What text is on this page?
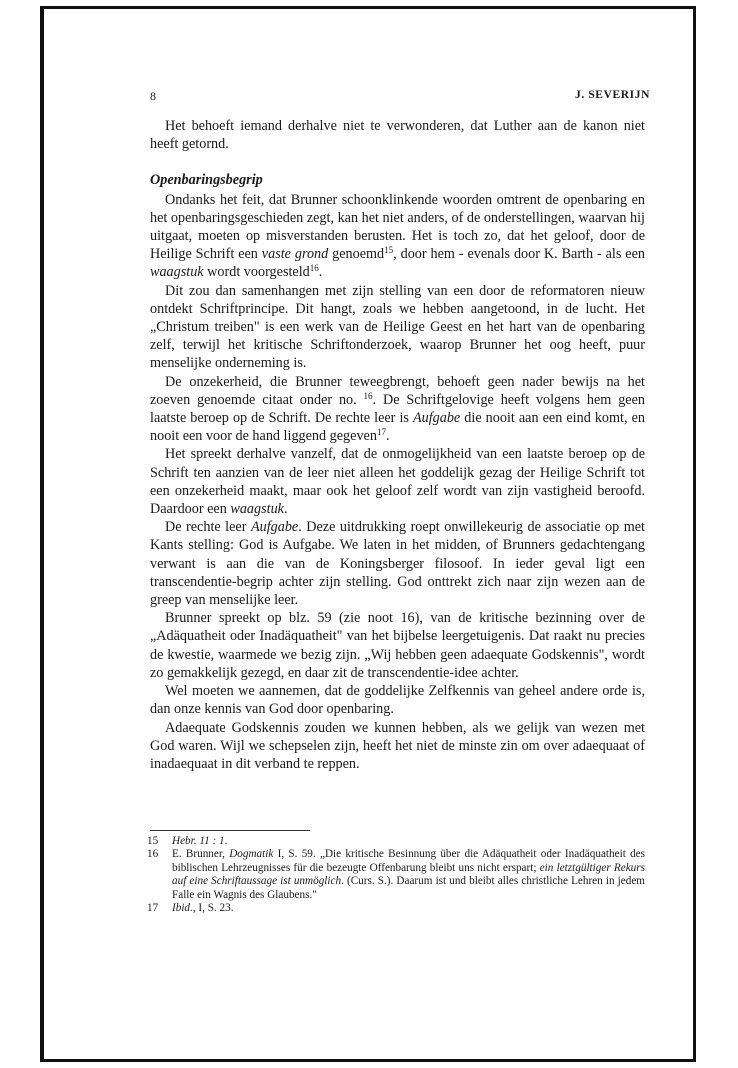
8	J. SEVERIJN

Het behoeft iemand derhalve niet te verwonderen, dat Luther aan de kanon niet heeft getornd.

Openbaringsbegrip

Ondanks het feit, dat Brunner schoonklinkende woorden omtrent de openbaring en het openbaringsgeschieden zegt, kan het niet anders, of de onderstellingen, waarvan hij uitgaat, moeten op misverstanden berusten. Het is toch zo, dat het geloof, door de Heilige Schrift een vaste grond genoemd$^{15}$, door hem - evenals door K. Barth - als een waagstuk wordt voorgesteld$^{16}$.

Dit zou dan samenhangen met zijn stelling van een door de reformatoren nieuw ontdekt Schriftprincipe. Dit hangt, zoals we hebben aangetoond, in de lucht. Het „Christum treiben" is een werk van de Heilige Geest en het hart van de openbaring zelf, terwijl het kritische Schriftonderzoek, waarop Brunner het oog heeft, puur menselijke onderneming is.

De onzekerheid, die Brunner teweegbrengt, behoeft geen nader bewijs na het zoeven genoemde citaat onder no. $^{16}$. De Schriftgelovige heeft volgens hem geen laatste beroep op de Schrift. De rechte leer is Aufgabe die nooit aan een eind komt, en nooit een voor de hand liggend gegeven$^{17}$.

Het spreekt derhalve vanzelf, dat de onmogelijkheid van een laatste beroep op de Schrift ten aanzien van de leer niet alleen het goddelijk gezag der Heilige Schrift tot een onzekerheid maakt, maar ook het geloof zelf wordt van zijn vastigheid beroofd. Daardoor een waagstuk.

De rechte leer Aufgabe. Deze uitdrukking roept onwillekeurig de associatie op met Kants stelling: God is Aufgabe. We laten in het midden, of Brunners gedachtengang verwant is aan die van de Koningsberger filosoof. In ieder geval ligt een transcendentie-begrip achter zijn stelling. God onttrekt zich naar zijn wezen aan de greep van menselijke leer.

Brunner spreekt op blz. 59 (zie noot 16), van de kritische bezinning over de „Adäquatheit oder Inadäquatheit" van het bijbelse leergetuigenis. Dat raakt nu precies de kwestie, waarmede we bezig zijn. „Wij hebben geen adaequate Godskennis", wordt zo gemakkelijk gezegd, en daar zit de transcendentie-idee achter.

Wel moeten we aannemen, dat de goddelijke Zelfkennis van geheel andere orde is, dan onze kennis van God door openbaring.

Adaequate Godskennis zouden we kunnen hebben, als we gelijk van wezen met God waren. Wijl we schepselen zijn, heeft het niet de minste zin om over adaequaat of inadaequaat in dit verband te reppen.

15 Hebr. 11 : 1.
16 E. Brunner, Dogmatik I, S. 59. „Die kritische Besinnung über die Adäquatheit oder Inadäquatheit des biblischen Lehrzeugnisses für die bezeugte Offenbarung bleibt uns nicht erspart; ein letztgültiger Rekurs auf eine Schriftaussage ist unmöglich. (Curs. S.). Daarum ist und bleibt alles christliche Lehren in jedem Falle ein Wagnis des Glaubens."
17 Ibid., I, S. 23.
